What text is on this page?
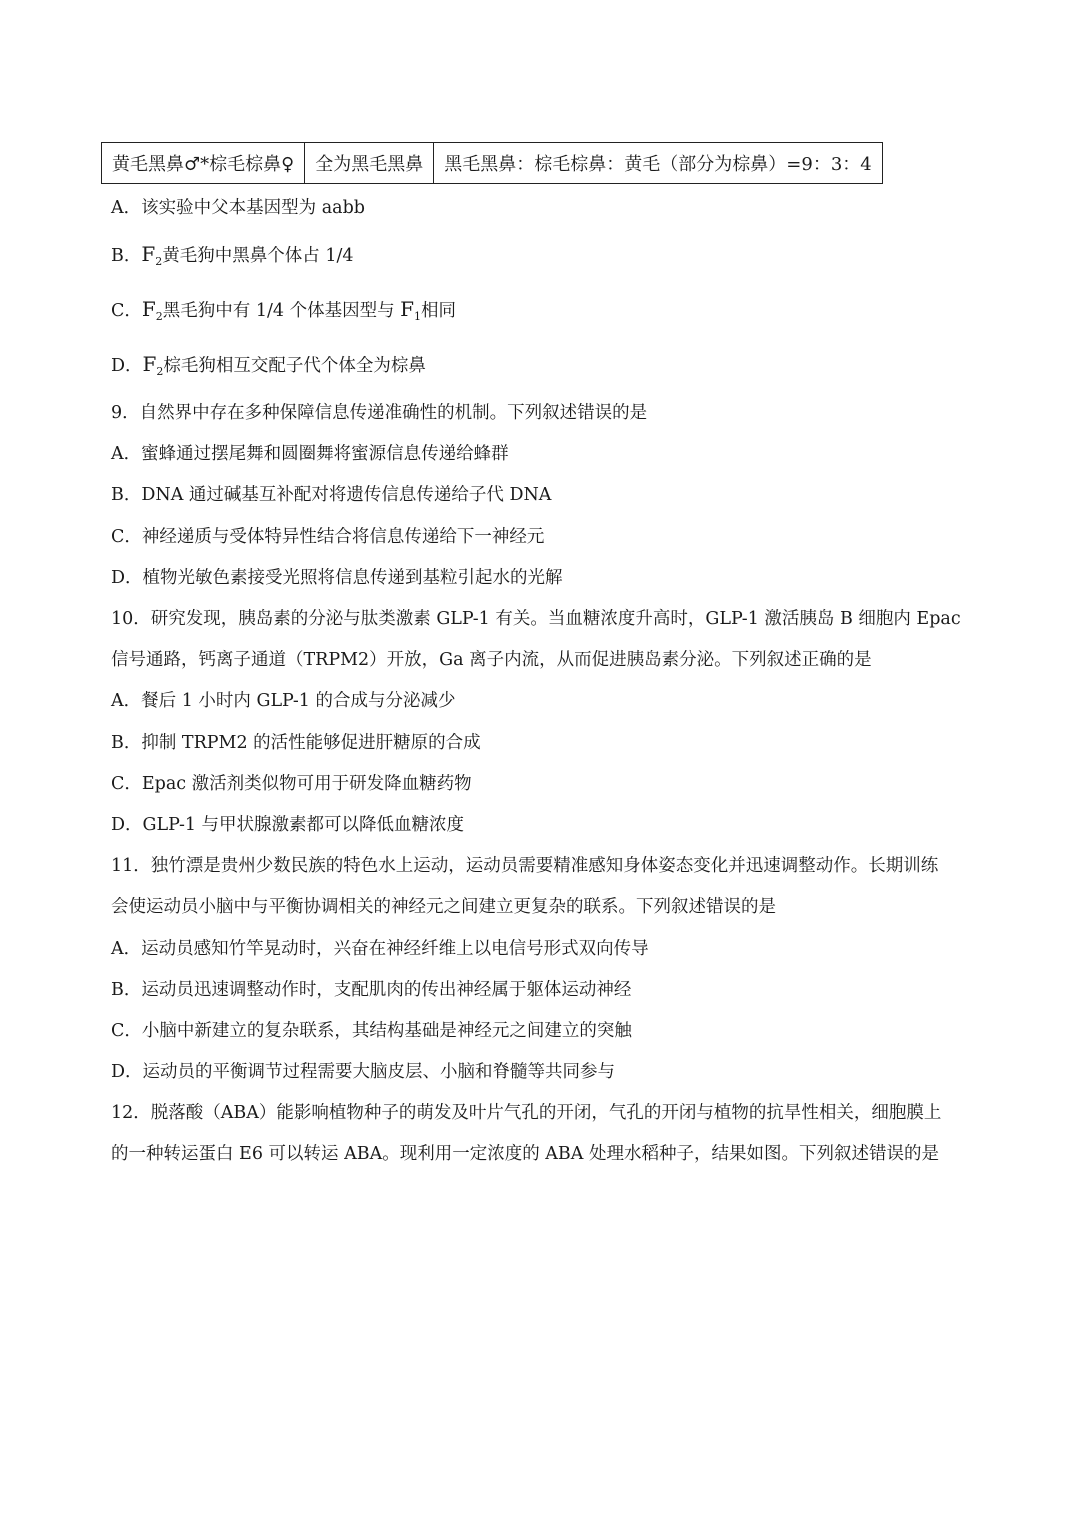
黄毛黑鼻♂*棕毛棕鼻♀	全为黑毛黑鼻	黑毛黑鼻：棕毛棕鼻：黄毛（部分为棕鼻）=9：3：4
A．该实验中父本基因型为 aabb
B．$F_2$黄毛狗中黑鼻个体占 1/4
C．$F_2$黑毛狗中有 1/4 个体基因型与 $F_1$相同
D．$F_2$棕毛狗相互交配子代个体全为棕鼻
9．自然界中存在多种保障信息传递准确性的机制。下列叙述错误的是
A．蜜蜂通过摆尾舞和圆圈舞将蜜源信息传递给蜂群
B．DNA 通过碱基互补配对将遗传信息传递给子代 DNA
C．神经递质与受体特异性结合将信息传递给下一神经元
D．植物光敏色素接受光照将信息传递到基粒引起水的光解
10．研究发现，胰岛素的分泌与肽类激素 GLP-1 有关。当血糖浓度升高时，GLP-1 激活胰岛 B 细胞内 Epac
信号通路，钙离子通道（TRPM2）开放，Ga 离子内流，从而促进胰岛素分泌。下列叙述正确的是
A．餐后 1 小时内 GLP-1 的合成与分泌减少
B．抑制 TRPM2 的活性能够促进肝糖原的合成
C．Epac 激活剂类似物可用于研发降血糖药物
D．GLP-1 与甲状腺激素都可以降低血糖浓度
11．独竹漂是贵州少数民族的特色水上运动，运动员需要精准感知身体姿态变化并迅速调整动作。长期训练
会使运动员小脑中与平衡协调相关的神经元之间建立更复杂的联系。下列叙述错误的是
A．运动员感知竹竿晃动时，兴奋在神经纤维上以电信号形式双向传导
B．运动员迅速调整动作时，支配肌肉的传出神经属于躯体运动神经
C．小脑中新建立的复杂联系，其结构基础是神经元之间建立的突触
D．运动员的平衡调节过程需要大脑皮层、小脑和脊髓等共同参与
12．脱落酸（ABA）能影响植物种子的萌发及叶片气孔的开闭，气孔的开闭与植物的抗旱性相关，细胞膜上
的一种转运蛋白 E6 可以转运 ABA。现利用一定浓度的 ABA 处理水稻种子，结果如图。下列叙述错误的是
